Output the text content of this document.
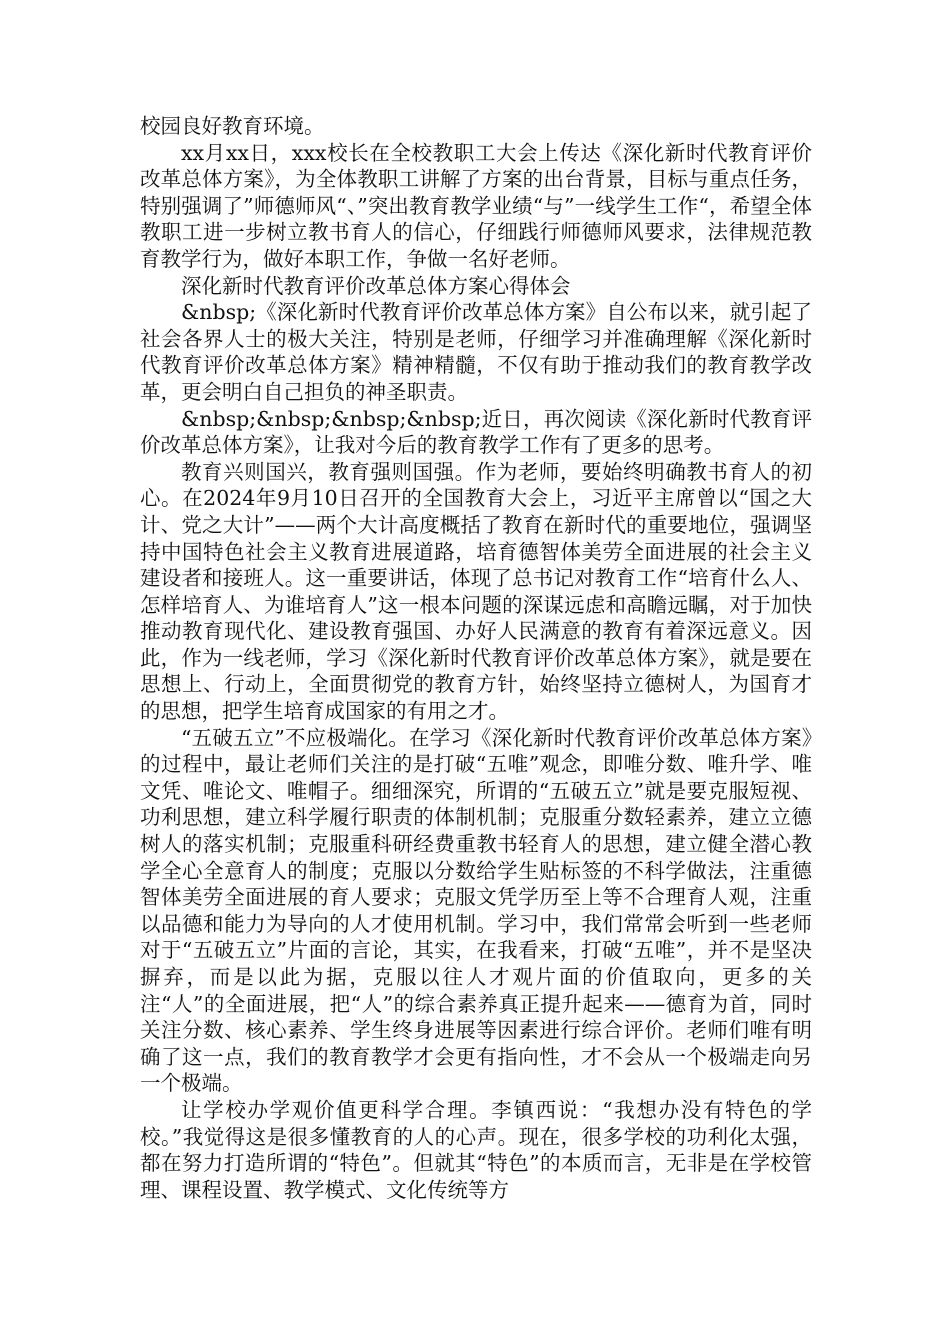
校园良好教育环境。

xx月xx日，xxx校长在全校教职工大会上传达《深化新时代教育评价改革总体方案》，为全体教职工讲解了方案的出台背景，目标与重点任务，特别强调了”师德师风“、”突出教育教学业绩“与”一线学生工作“，希望全体教职工进一步树立教书育人的信心，仔细践行师德师风要求，法律规范教育教学行为，做好本职工作，争做一名好老师。

深化新时代教育评价改革总体方案心得体会

&nbsp;《深化新时代教育评价改革总体方案》自公布以来，就引起了社会各界人士的极大关注，特别是老师，仔细学习并准确理解《深化新时代教育评价改革总体方案》精神精髓，不仅有助于推动我们的教育教学改革，更会明白自己担负的神圣职责。

&nbsp;&nbsp;&nbsp;&nbsp;近日，再次阅读《深化新时代教育评价改革总体方案》，让我对今后的教育教学工作有了更多的思考。

教育兴则国兴，教育强则国强。作为老师，要始终明确教书育人的初心。在2024年9月10日召开的全国教育大会上，习近平主席曾以“国之大计、党之大计”——两个大计高度概括了教育在新时代的重要地位，强调坚持中国特色社会主义教育进展道路，培育德智体美劳全面进展的社会主义建设者和接班人。这一重要讲话，体现了总书记对教育工作“培育什么人、怎样培育人、为谁培育人”这一根本问题的深谋远虑和高瞻远瞩，对于加快推动教育现代化、建设教育强国、办好人民满意的教育有着深远意义。因此，作为一线老师，学习《深化新时代教育评价改革总体方案》，就是要在思想上、行动上，全面贯彻党的教育方针，始终坚持立德树人，为国育才的思想，把学生培育成国家的有用之才。

“五破五立”不应极端化。在学习《深化新时代教育评价改革总体方案》的过程中，最让老师们关注的是打破“五唯”观念，即唯分数、唯升学、唯文凭、唯论文、唯帽子。细细深究，所谓的“五破五立”就是要克服短视、功利思想，建立科学履行职责的体制机制；克服重分数轻素养，建立立德树人的落实机制；克服重科研经费重教书轻育人的思想，建立健全潜心教学全心全意育人的制度；克服以分数给学生贴标签的不科学做法，注重德智体美劳全面进展的育人要求；克服文凭学历至上等不合理育人观，注重以品德和能力为导向的人才使用机制。学习中，我们常常会听到一些老师对于“五破五立”片面的言论，其实，在我看来，打破“五唯”，并不是坚决摒弃，而是以此为据，克服以往人才观片面的价值取向，更多的关注“人”的全面进展，把“人”的综合素养真正提升起来——德育为首，同时关注分数、核心素养、学生终身进展等因素进行综合评价。老师们唯有明确了这一点，我们的教育教学才会更有指向性，才不会从一个极端走向另一个极端。

让学校办学观价值更科学合理。李镇西说：“我想办没有特色的学校。”我觉得这是很多懂教育的人的心声。现在，很多学校的功利化太强，都在努力打造所谓的“特色”。但就其“特色”的本质而言，无非是在学校管理、课程设置、教学模式、文化传统等方
